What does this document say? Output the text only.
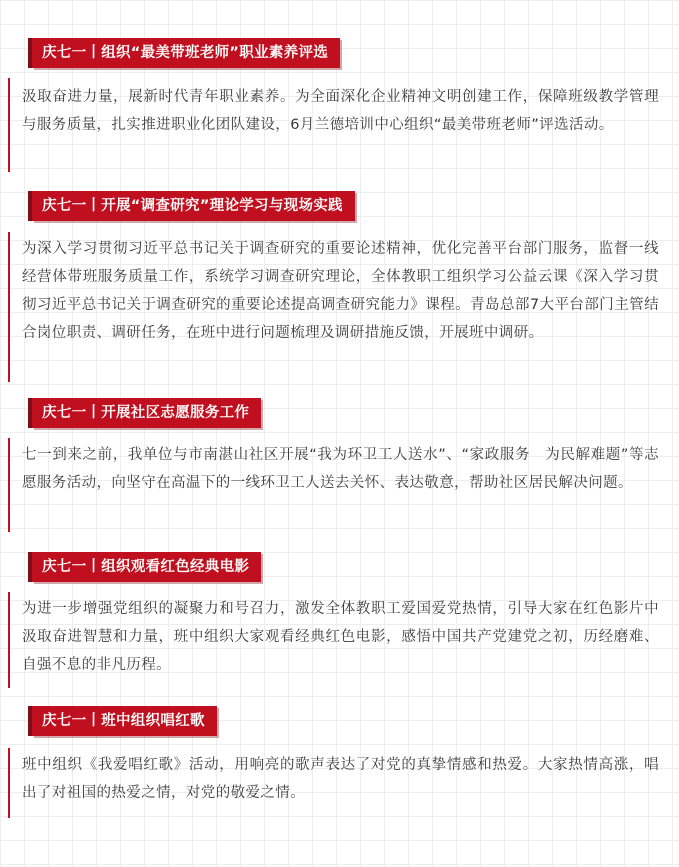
庆七一丨组织“最美带班老师”职业素养评选

汲取奋进力量，展新时代青年职业素养。为全面深化企业精神文明创建工作，保障班级教学管理与服务质量，扎实推进职业化团队建设，6月兰德培训中心组织“最美带班老师”评选活动。

庆七一丨开展“调查研究”理论学习与现场实践

为深入学习贯彻习近平总书记关于调查研究的重要论述精神，优化完善平台部门服务，监督一线经营体带班服务质量工作，系统学习调查研究理论，全体教职工组织学习公益云课《深入学习贯彻习近平总书记关于调查研究的重要论述提高调查研究能力》课程。青岛总部7大平台部门主管结合岗位职责、调研任务，在班中进行问题梳理及调研措施反馈，开展班中调研。

庆七一丨开展社区志愿服务工作

七一到来之前，我单位与市南湛山社区开展“我为环卫工人送水”、“家政服务　为民解难题”等志愿服务活动，向坚守在高温下的一线环卫工人送去关怀、表达敬意，帮助社区居民解决问题。

庆七一丨组织观看红色经典电影

为进一步增强党组织的凝聚力和号召力，激发全体教职工爱国爱党热情，引导大家在红色影片中汲取奋进智慧和力量，班中组织大家观看经典红色电影，感悟中国共产党建党之初，历经磨难、自强不息的非凡历程。

庆七一丨班中组织唱红歌

班中组织《我爱唱红歌》活动，用响亮的歌声表达了对党的真挚情感和热爱。大家热情高涨，唱出了对祖国的热爱之情，对党的敬爱之情。
